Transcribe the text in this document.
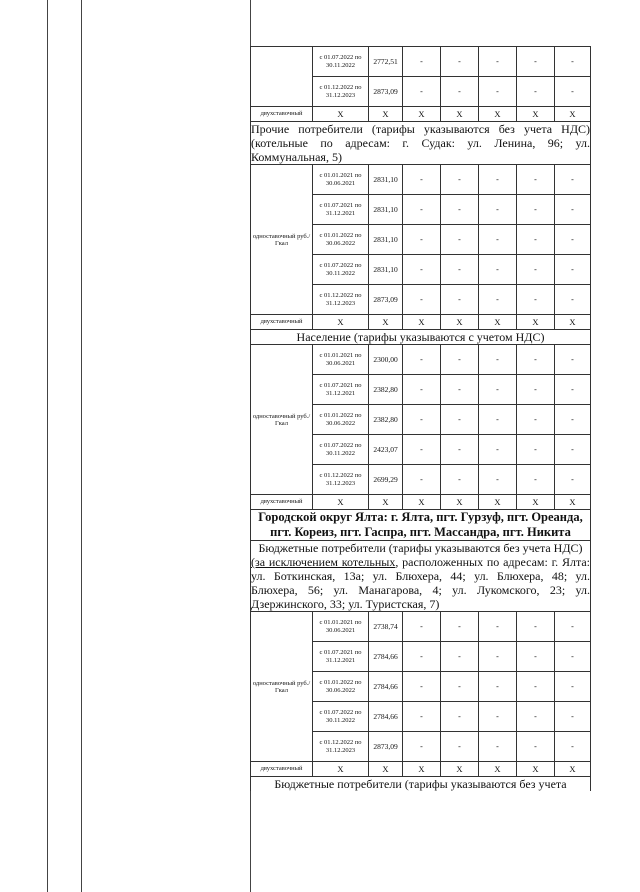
	с 01.07.2022 по 30.11.2022	2772,51	-	-	-	-	-
	с 01.12.2022 по 31.12.2023	2873,09	-	-	-	-	-
двухставочный	Х	Х	Х	Х	Х	Х	Х
Прочие потребители (тарифы указываются без учета НДС) (котельные по адресам: г. Судак: ул. Ленина, 96; ул. Коммунальная, 5)							
одноставочный руб./Гкал	с 01.01.2021 по 30.06.2021	2831,10	-	-	-	-	-
	с 01.07.2021 по 31.12.2021	2831,10	-	-	-	-	-
	с 01.01.2022 по 30.06.2022	2831,10	-	-	-	-	-
	с 01.07.2022 по 30.11.2022	2831,10	-	-	-	-	-
	с 01.12.2022 по 31.12.2023	2873,09	-	-	-	-	-
двухставочный	Х	Х	Х	Х	Х	Х	Х
Население (тарифы указываются с учетом НДС)							
одноставочный руб./Гкал	с 01.01.2021 по 30.06.2021	2300,00	-	-	-	-	-
	с 01.07.2021 по 31.12.2021	2382,80	-	-	-	-	-
	с 01.01.2022 по 30.06.2022	2382,80	-	-	-	-	-
	с 01.07.2022 по 30.11.2022	2423,07	-	-	-	-	-
	с 01.12.2022 по 31.12.2023	2699,29	-	-	-	-	-
двухставочный	Х	Х	Х	Х	Х	Х	Х
Городской округ Ялта: г. Ялта, пгт. Гурзуф, пгт. Ореанда, пгт. Кореиз, пгт. Гаспра, пгт. Массандра, пгт. Никита							

Бюджетные потребители (тарифы указываются без учета НДС)
(за исключением котельных, расположенных по адресам: г. Ялта: ул. Боткинская, 13а; ул. Блюхера, 44; ул. Блюхера, 48; ул. Блюхера, 56; ул. Манагарова, 4; ул. Лукомского, 23; ул. Дзержинского, 33; ул. Туристская, 7)							

одноставочный руб./Гкал	с 01.01.2021 по 30.06.2021	2738,74	-	-	-	-	-
	с 01.07.2021 по 31.12.2021	2784,66	-	-	-	-	-
	с 01.01.2022 по 30.06.2022	2784,66	-	-	-	-	-
	с 01.07.2022 по 30.11.2022	2784,66	-	-	-	-	-
	с 01.12.2022 по 31.12.2023	2873,09	-	-	-	-	-
двухставочный	Х	Х	Х	Х	Х	Х	Х
Бюджетные потребители (тарифы указываются без учета							
